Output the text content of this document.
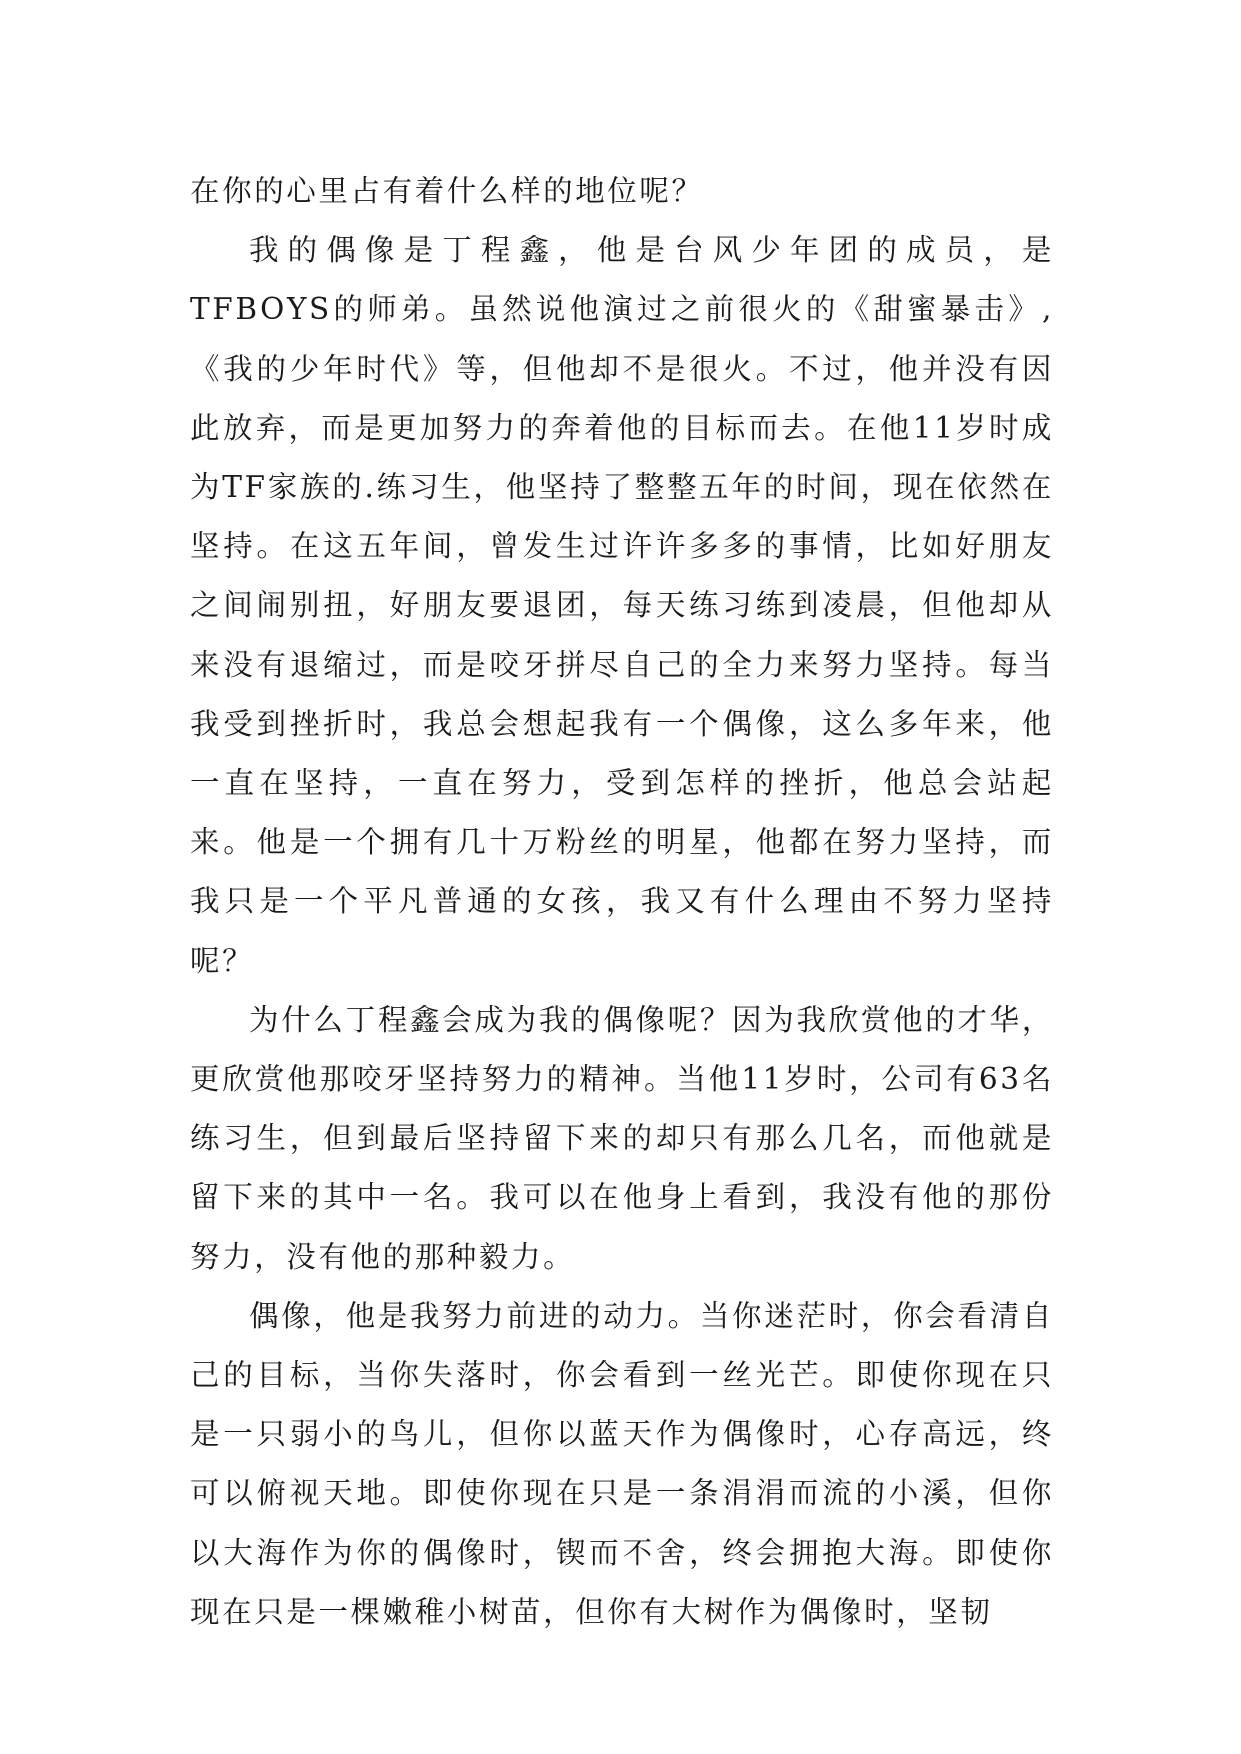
在你的心里占有着什么样的地位呢？

我的偶像是丁程鑫，他是台风少年团的成员，是TFBOYS的师弟。虽然说他演过之前很火的《甜蜜暴击》,《我的少年时代》等，但他却不是很火。不过，他并没有因此放弃，而是更加努力的奔着他的目标而去。在他11岁时成为TF家族的.练习生，他坚持了整整五年的时间，现在依然在坚持。在这五年间，曾发生过许许多多的事情，比如好朋友之间闹别扭，好朋友要退团，每天练习练到凌晨，但他却从来没有退缩过，而是咬牙拼尽自己的全力来努力坚持。每当我受到挫折时，我总会想起我有一个偶像，这么多年来，他一直在坚持，一直在努力，受到怎样的挫折，他总会站起来。他是一个拥有几十万粉丝的明星，他都在努力坚持，而我只是一个平凡普通的女孩，我又有什么理由不努力坚持呢？

为什么丁程鑫会成为我的偶像呢？因为我欣赏他的才华，更欣赏他那咬牙坚持努力的精神。当他11岁时，公司有63名练习生，但到最后坚持留下来的却只有那么几名，而他就是留下来的其中一名。我可以在他身上看到，我没有他的那份努力，没有他的那种毅力。

偶像，他是我努力前进的动力。当你迷茫时，你会看清自己的目标，当你失落时，你会看到一丝光芒。即使你现在只是一只弱小的鸟儿，但你以蓝天作为偶像时，心存高远，终可以俯视天地。即使你现在只是一条涓涓而流的小溪，但你以大海作为你的偶像时，锲而不舍，终会拥抱大海。即使你现在只是一棵嫩稚小树苗，但你有大树作为偶像时，坚韧
